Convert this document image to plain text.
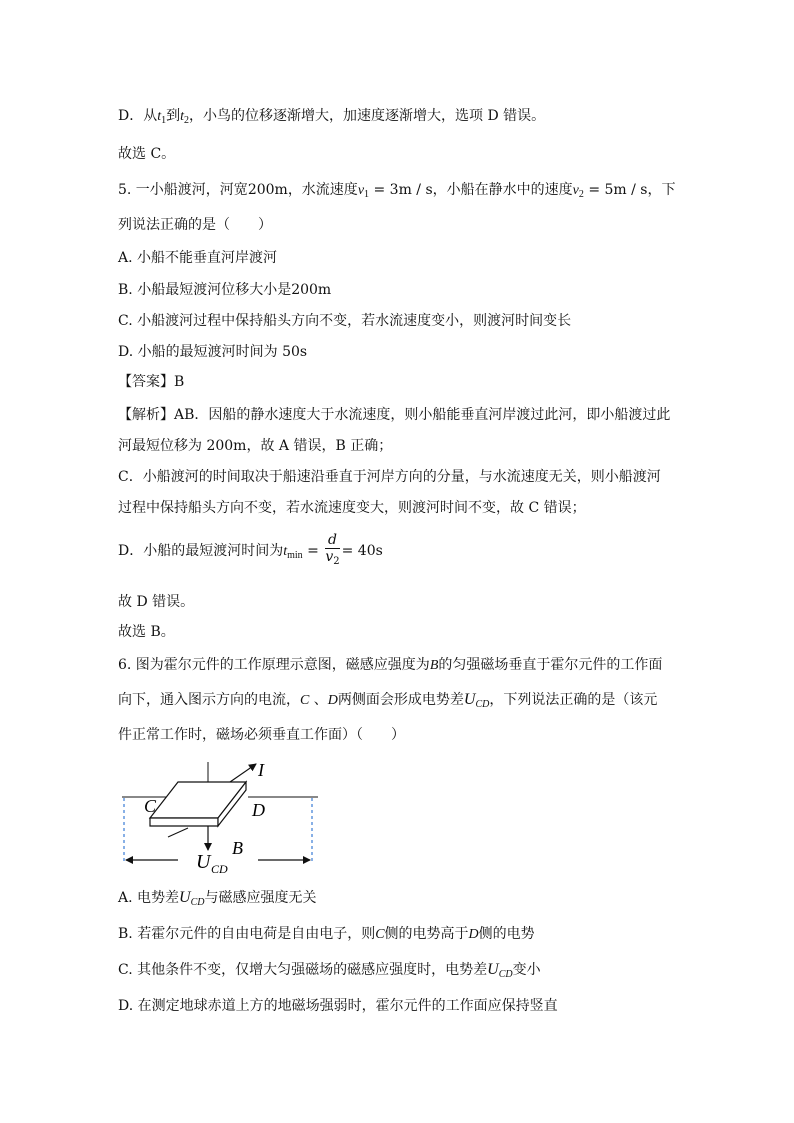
D．从$t_1$到$t_2$，小鸟的位移逐渐增大，加速度逐渐增大，选项 D 错误。
故选 C。
5. 一小船渡河，河宽200m，水流速度$v_1 = 3m / s$，小船在静水中的速度$v_2 = 5m / s$，下
列说法正确的是（　　）
A. 小船不能垂直河岸渡河
B. 小船最短渡河位移大小是200m
C. 小船渡河过程中保持船头方向不变，若水流速度变小，则渡河时间变长
D. 小船的最短渡河时间为 50s
【答案】B
【解析】AB．因船的静水速度大于水流速度，则小船能垂直河岸渡过此河，即小船渡过此
河最短位移为 200m，故 A 错误，B 正确；
C．小船渡河的时间取决于船速沿垂直于河岸方向的分量，与水流速度无关，则小船渡河
过程中保持船头方向不变，若水流速度变大，则渡河时间不变，故 C 错误；
D．小船的最短渡河时间为$t_{min} = \frac{d}{v_2} = 40s$
故 D 错误。
故选 B。
6. 图为霍尔元件的工作原理示意图，磁感应强度为B的匀强磁场垂直于霍尔元件的工作面
向下，通入图示方向的电流，C 、D两侧面会形成电势差UCD，下列说法正确的是（该元
件正常工作时，磁场必须垂直工作面）（　　）
I
C	D
B
U CD
A. 电势差UCD与磁感应强度无关
B. 若霍尔元件的自由电荷是自由电子，则C侧的电势高于D侧的电势
C. 其他条件不变，仅增大匀强磁场的磁感应强度时，电势差UCD变小
D. 在测定地球赤道上方的地磁场强弱时，霍尔元件的工作面应保持竖直
